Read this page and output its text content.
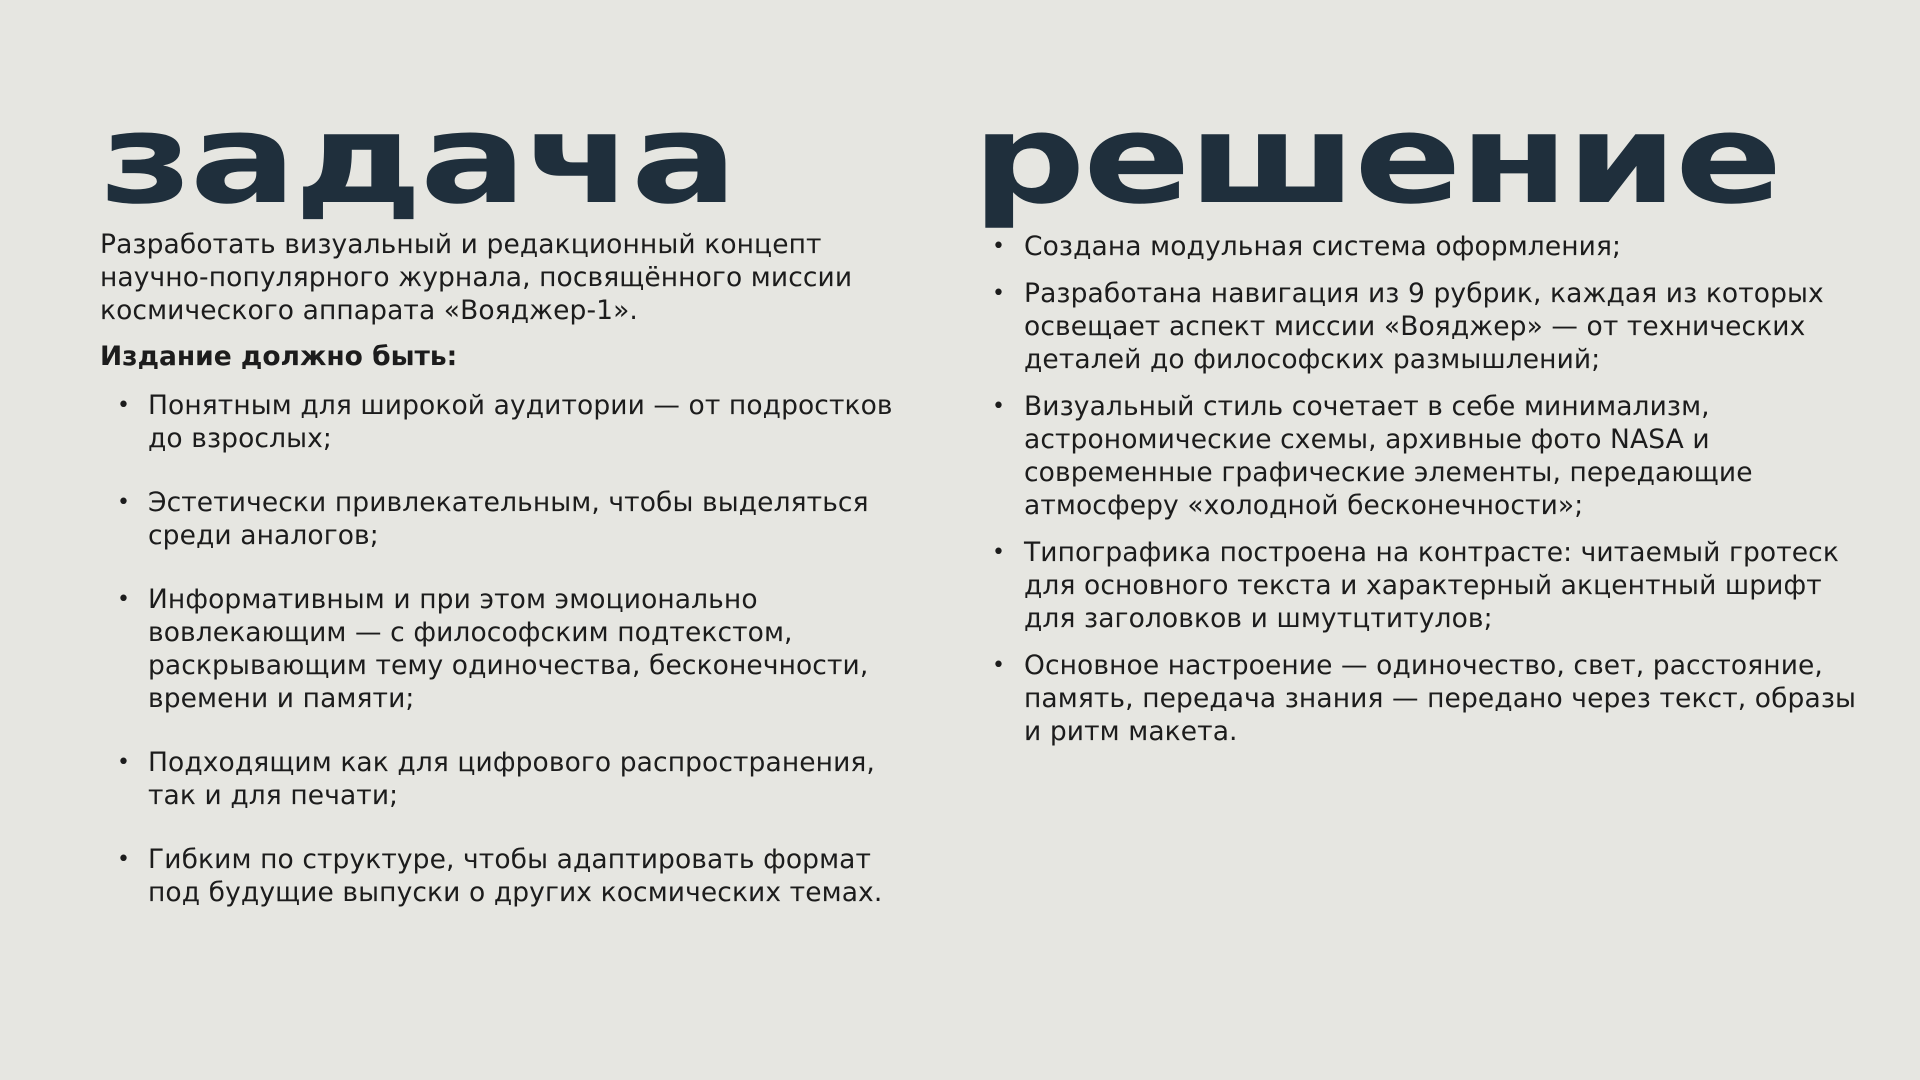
задача

Разработать визуальный и редакционный концепт научно-популярного журнала, посвящённого миссии космического аппарата «Вояджер-1».

Издание должно быть:

• Понятным для широкой аудитории — от подростков до взрослых;
• Эстетически привлекательным, чтобы выделяться среди аналогов;
• Информативным и при этом эмоционально вовлекающим — с философским подтекстом, раскрывающим тему одиночества, бесконечности, времени и памяти;
• Подходящим как для цифрового распространения, так и для печати;
• Гибким по структуре, чтобы адаптировать формат под будущие выпуски о других космических темах.
решение
• Создана модульная система оформления;
• Разработана навигация из 9 рубрик, каждая из которых освещает аспект миссии «Вояджер» — от технических деталей до философских размышлений;
• Визуальный стиль сочетает в себе минимализм, астрономические схемы, архивные фото NASA и современные графические элементы, передающие атмосферу «холодной бесконечности»;
• Типографика построена на контрасте: читаемый гротеск для основного текста и характерный акцентный шрифт для заголовков и шмутцтитулов;
• Основное настроение — одиночество, свет, расстояние, память, передача знания — передано через текст, образы и ритм макета.
